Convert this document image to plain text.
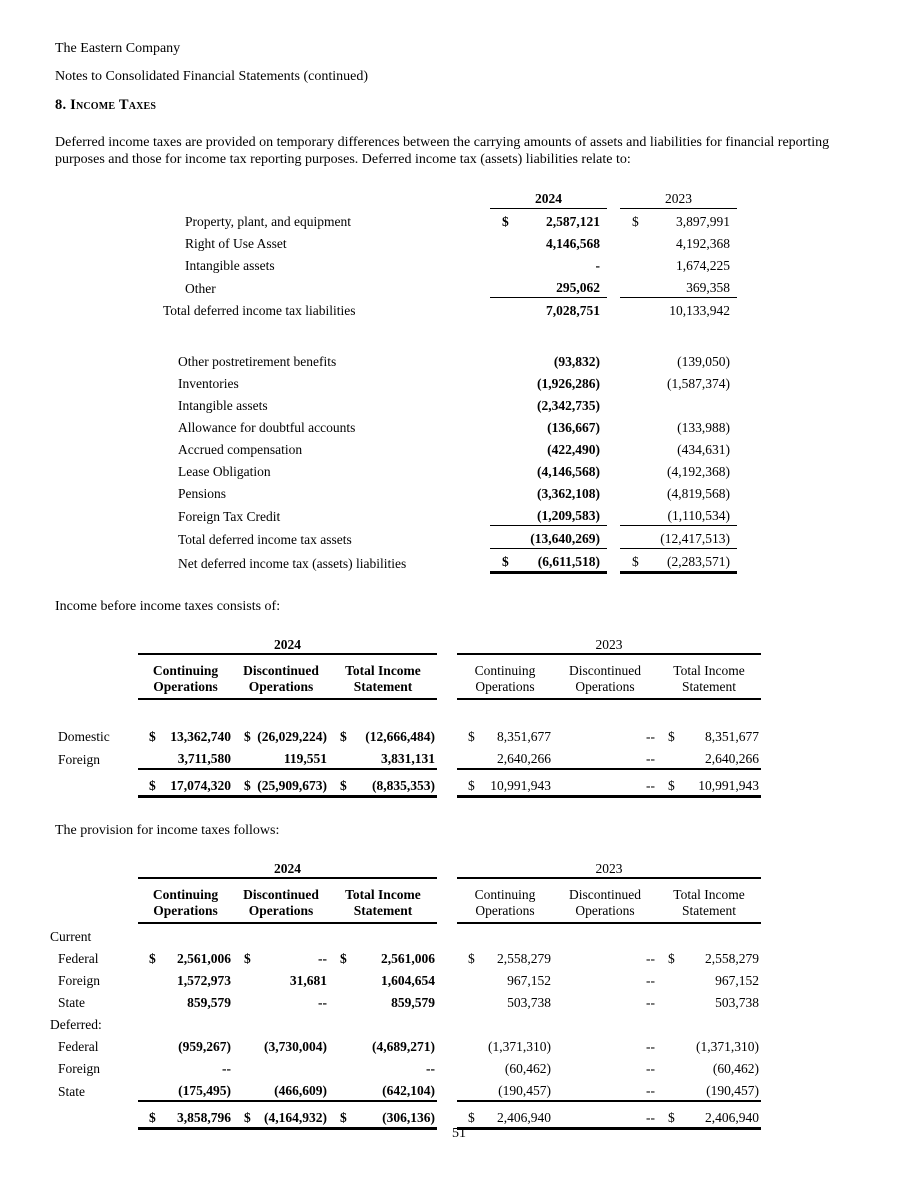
The Eastern Company
Notes to Consolidated Financial Statements (continued)
8. Income Taxes

Deferred income taxes are provided on temporary differences between the carrying amounts of assets and liabilities for financial reporting purposes and those for income tax reporting purposes. Deferred income tax (assets) liabilities relate to:

	2024		2023
Property, plant, and equipment	$ 2,587,121		$ 3,897,991
Right of Use Asset	4,146,568		4,192,368
Intangible assets	-		1,674,225
Other	295,062		369,358
Total deferred income tax liabilities	7,028,751		10,133,942

Other postretirement benefits	(93,832)		(139,050)
Inventories	(1,926,286)		(1,587,374)
Intangible assets	(2,342,735)		
Allowance for doubtful accounts	(136,667)		(133,988)
Accrued compensation	(422,490)		(434,631)
Lease Obligation	(4,146,568)		(4,192,368)
Pensions	(3,362,108)		(4,819,568)
Foreign Tax Credit	(1,209,583)		(1,110,534)
Total deferred income tax assets	(13,640,269)		(12,417,513)
Net deferred income tax (assets) liabilities	$ (6,611,518)		$ (2,283,571)
Income before income taxes consists of:
	2024				2023		
	Continuing Operations	Discontinued Operations	Total Income Statement		Continuing Operations	Discontinued Operations	Total Income Statement

Domestic	$ 13,362,740	$ (26,029,224)	$ (12,666,484)		$ 8,351,677	--	$ 8,351,677
Foreign	3,711,580	119,551	3,831,131		2,640,266	--	2,640,266

	$ 17,074,320	$ (25,909,673)	$ (8,835,353)		$ 10,991,943	--	$ 10,991,943
The provision for income taxes follows:
	2024				2023		
	Continuing Operations	Discontinued Operations	Total Income Statement		Continuing Operations	Discontinued Operations	Total Income Statement
Current							
Federal	$ 2,561,006	$ --	$ 2,561,006		$ 2,558,279	--	$ 2,558,279
Foreign	1,572,973	31,681	1,604,654		967,152	--	967,152
State	859,579	--	859,579		503,738	--	503,738
Deferred:							
Federal	(959,267)	(3,730,004)	(4,689,271)		(1,371,310)	--	(1,371,310)
Foreign	--		--		(60,462)	--	(60,462)
State	(175,495)	(466,609)	(642,104)		(190,457)	--	(190,457)

	$ 3,858,796	$ (4,164,932)	$ (306,136)		$ 2,406,940	--	$ 2,406,940
51
